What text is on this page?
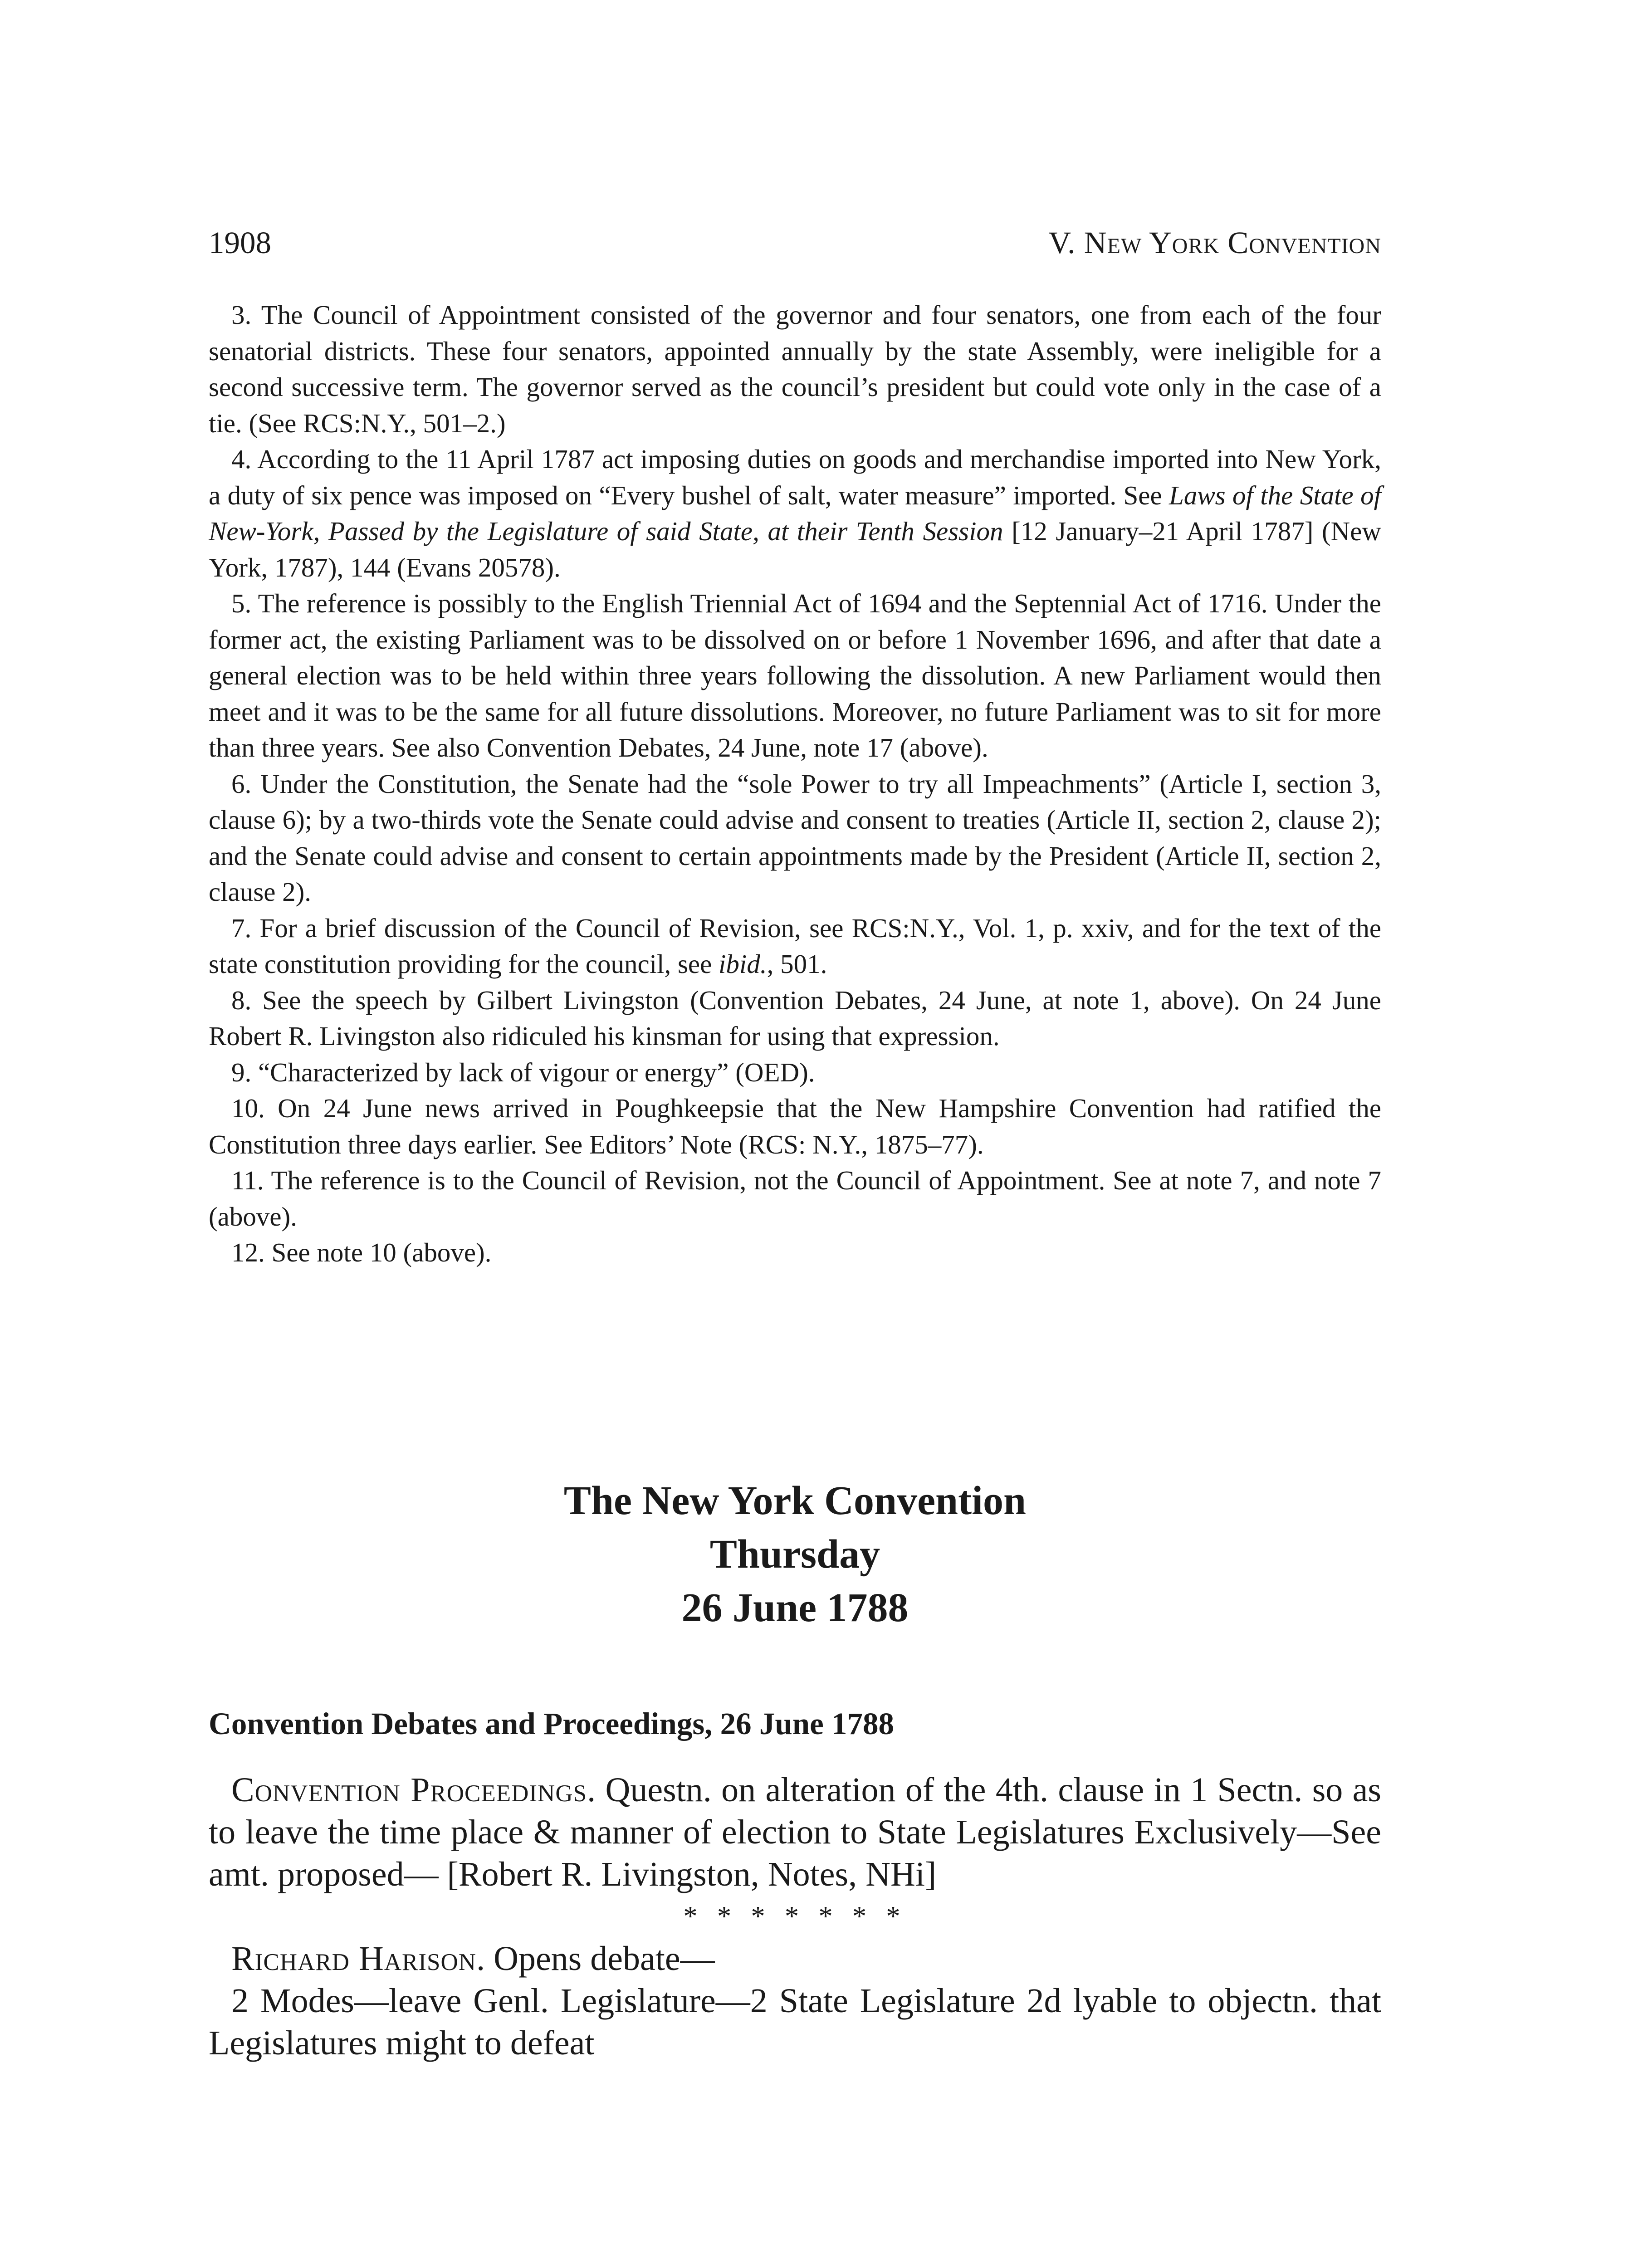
1908	V. New York Convention

3. The Council of Appointment consisted of the governor and four senators, one from each of the four senatorial districts. These four senators, appointed annually by the state Assembly, were ineligible for a second successive term. The governor served as the council’s president but could vote only in the case of a tie. (See RCS:N.Y., 501–2.)

4. According to the 11 April 1787 act imposing duties on goods and merchandise imported into New York, a duty of six pence was imposed on “Every bushel of salt, water measure” imported. See Laws of the State of New-York, Passed by the Legislature of said State, at their Tenth Session [12 January–21 April 1787] (New York, 1787), 144 (Evans 20578).

5. The reference is possibly to the English Triennial Act of 1694 and the Septennial Act of 1716. Under the former act, the existing Parliament was to be dissolved on or before 1 November 1696, and after that date a general election was to be held within three years following the dissolution. A new Parliament would then meet and it was to be the same for all future dissolutions. Moreover, no future Parliament was to sit for more than three years. See also Convention Debates, 24 June, note 17 (above).

6. Under the Constitution, the Senate had the “sole Power to try all Impeachments” (Article I, section 3, clause 6); by a two-thirds vote the Senate could advise and consent to treaties (Article II, section 2, clause 2); and the Senate could advise and consent to certain appointments made by the President (Article II, section 2, clause 2).

7. For a brief discussion of the Council of Revision, see RCS:N.Y., Vol. 1, p. xxiv, and for the text of the state constitution providing for the council, see ibid., 501.

8. See the speech by Gilbert Livingston (Convention Debates, 24 June, at note 1, above). On 24 June Robert R. Livingston also ridiculed his kinsman for using that expression.

9. “Characterized by lack of vigour or energy” (OED).

10. On 24 June news arrived in Poughkeepsie that the New Hampshire Convention had ratified the Constitution three days earlier. See Editors’ Note (RCS: N.Y., 1875–77).

11. The reference is to the Council of Revision, not the Council of Appointment. See at note 7, and note 7 (above).

12. See note 10 (above).

The New York Convention
Thursday
26 June 1788
Convention Debates and Proceedings, 26 June 1788

Convention Proceedings. Questn. on alteration of the 4th. clause in 1 Sectn. so as to leave the time place & manner of election to State Legislatures Exclusively—See amt. proposed— [Robert R. Livingston, Notes, NHi]

* * * * * * *

Richard Harison. Opens debate—

2 Modes—leave Genl. Legislature—2 State Legislature 2d lyable to objectn. that Legislatures might to defeat
